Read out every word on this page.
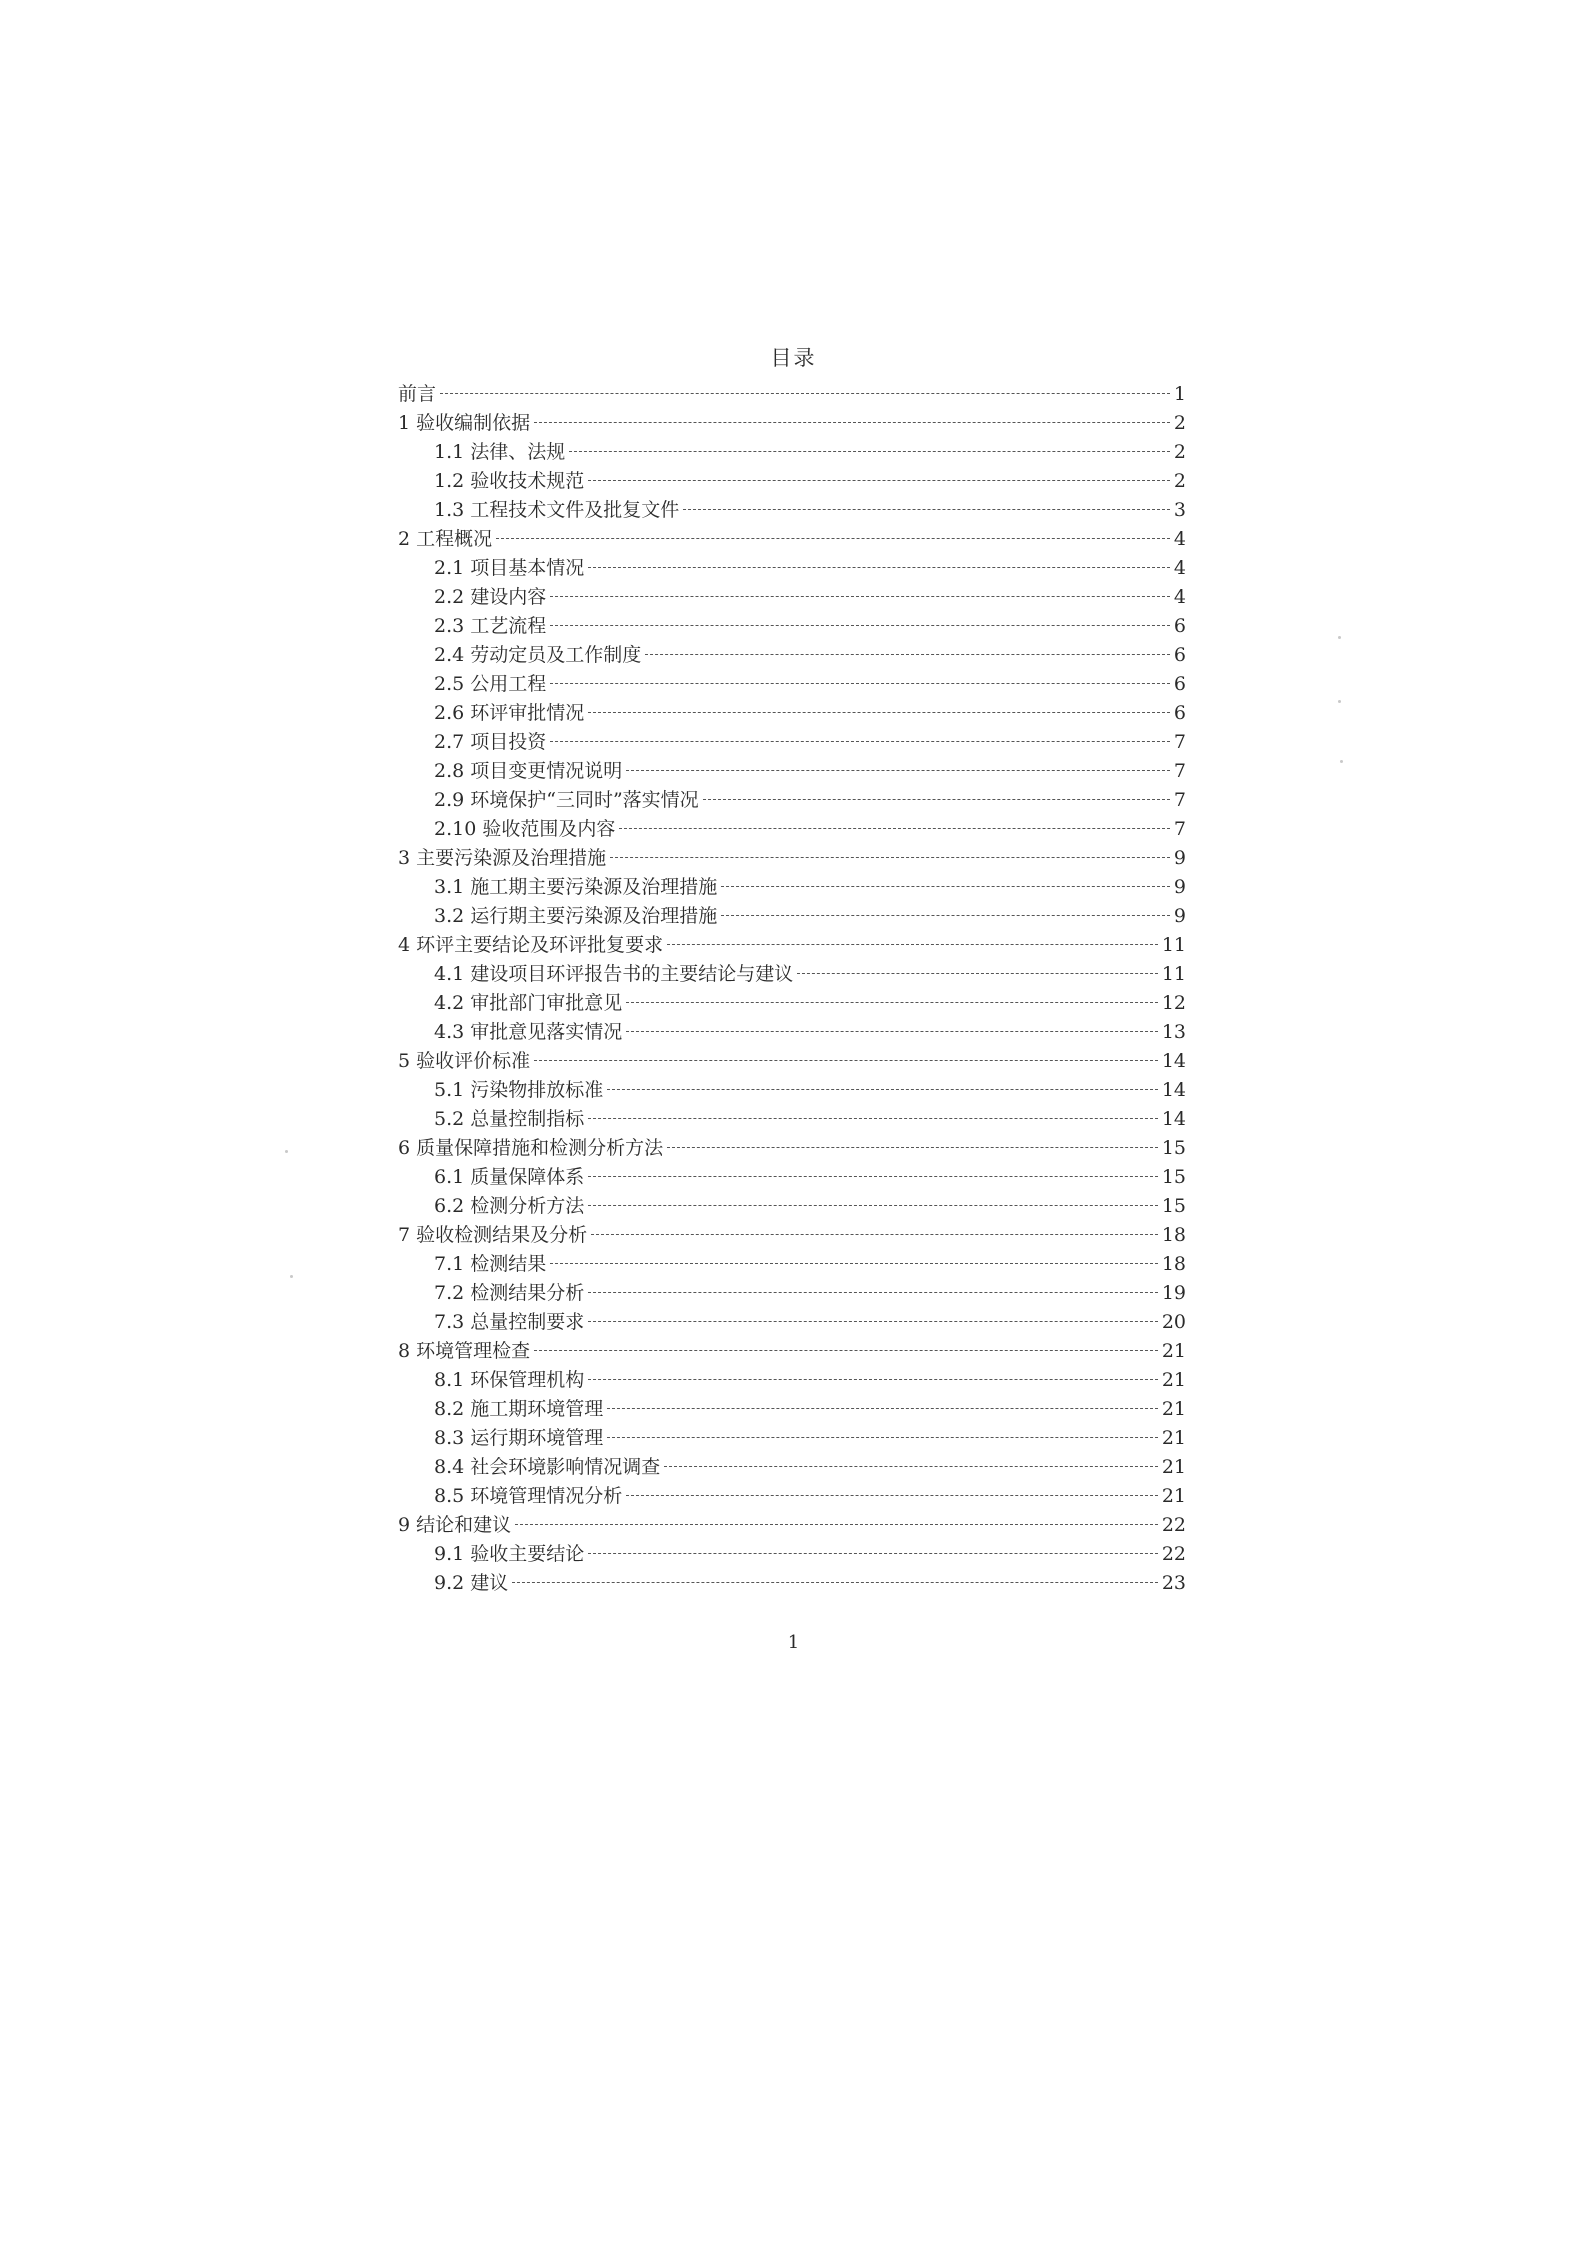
目录
前言	1
1 验收编制依据	2
1.1 法律、法规	2
1.2 验收技术规范	2
1.3 工程技术文件及批复文件	3
2 工程概况	4
2.1 项目基本情况	4
2.2 建设内容	4
2.3 工艺流程	6
2.4 劳动定员及工作制度	6
2.5 公用工程	6
2.6 环评审批情况	6
2.7 项目投资	7
2.8 项目变更情况说明	7
2.9 环境保护“三同时”落实情况	7
2.10 验收范围及内容	7
3 主要污染源及治理措施	9
3.1 施工期主要污染源及治理措施	9
3.2 运行期主要污染源及治理措施	9
4 环评主要结论及环评批复要求	11
4.1 建设项目环评报告书的主要结论与建议	11
4.2 审批部门审批意见	12
4.3 审批意见落实情况	13
5 验收评价标准	14
5.1 污染物排放标准	14
5.2 总量控制指标	14
6 质量保障措施和检测分析方法	15
6.1 质量保障体系	15
6.2 检测分析方法	15
7 验收检测结果及分析	18
7.1 检测结果	18
7.2 检测结果分析	19
7.3 总量控制要求	20
8 环境管理检查	21
8.1 环保管理机构	21
8.2 施工期环境管理	21
8.3 运行期环境管理	21
8.4 社会环境影响情况调查	21
8.5 环境管理情况分析	21
9 结论和建议	22
9.1 验收主要结论	22
9.2 建议	23
1
